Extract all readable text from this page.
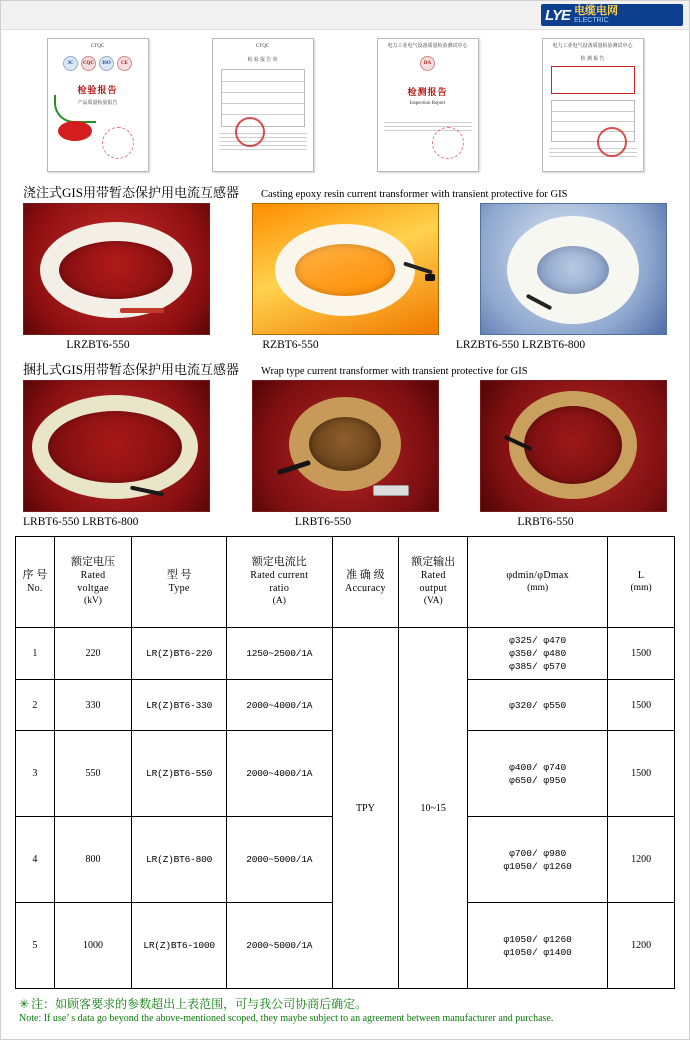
LYE 电缆电网
ELECTRIC
CTQC
3C	CQC	ISO	CE
检验报告
产品质量检验报告
CTQC
检 验 报 告 单
电力工业电气设备质量检验测试中心
DA
检测报告
Inspection Report
电力工业电气设备质量检验测试中心
检 测 报 告
浇注式GIS用带暂态保护用电流互感器 Casting epoxy resin current transformer with transient protective for GIS
LRZBT6-550	RZBT6-550	LRZBT6-550 LRZBT6-800
捆扎式GIS用带暂态保护用电流互感器 Wrap type current transformer with transient protective for GIS
LRBT6-550 LRBT6-800	LRBT6-550	LRBT6-550
序 号
No.	额定电压
Rated
voltgae
(kV)	型 号
Type	额定电流比
Rated current
ratio
(A)	准 确 级
Accuracy	额定输出
Rated
output
(VA)	φdmin/φDmax
(mm)	L
(mm)

1	220	LR(Z)BT6-220	1250~2500/1A	TPY	10~15	φ325/ φ470
φ350/ φ480
φ385/ φ570	1500
2	330	LR(Z)BT6-330	2000~4000/1A			φ320/ φ550	1500
3	550	LR(Z)BT6-550	2000~4000/1A			φ400/ φ740
φ650/ φ950	1500
4	800	LR(Z)BT6-800	2000~5000/1A			φ700/ φ980
φ1050/ φ1260	1200
5	1000	LR(Z)BT6-1000	2000~5000/1A			φ1050/ φ1260
φ1050/ φ1400	1200
✳ 注：如顾客要求的参数超出上表范围，可与我公司协商后确定。
Note: If use’ s data go beyond the above-mentioned scoped, they maybe subject to an agreement between manufacturer and purchase.
